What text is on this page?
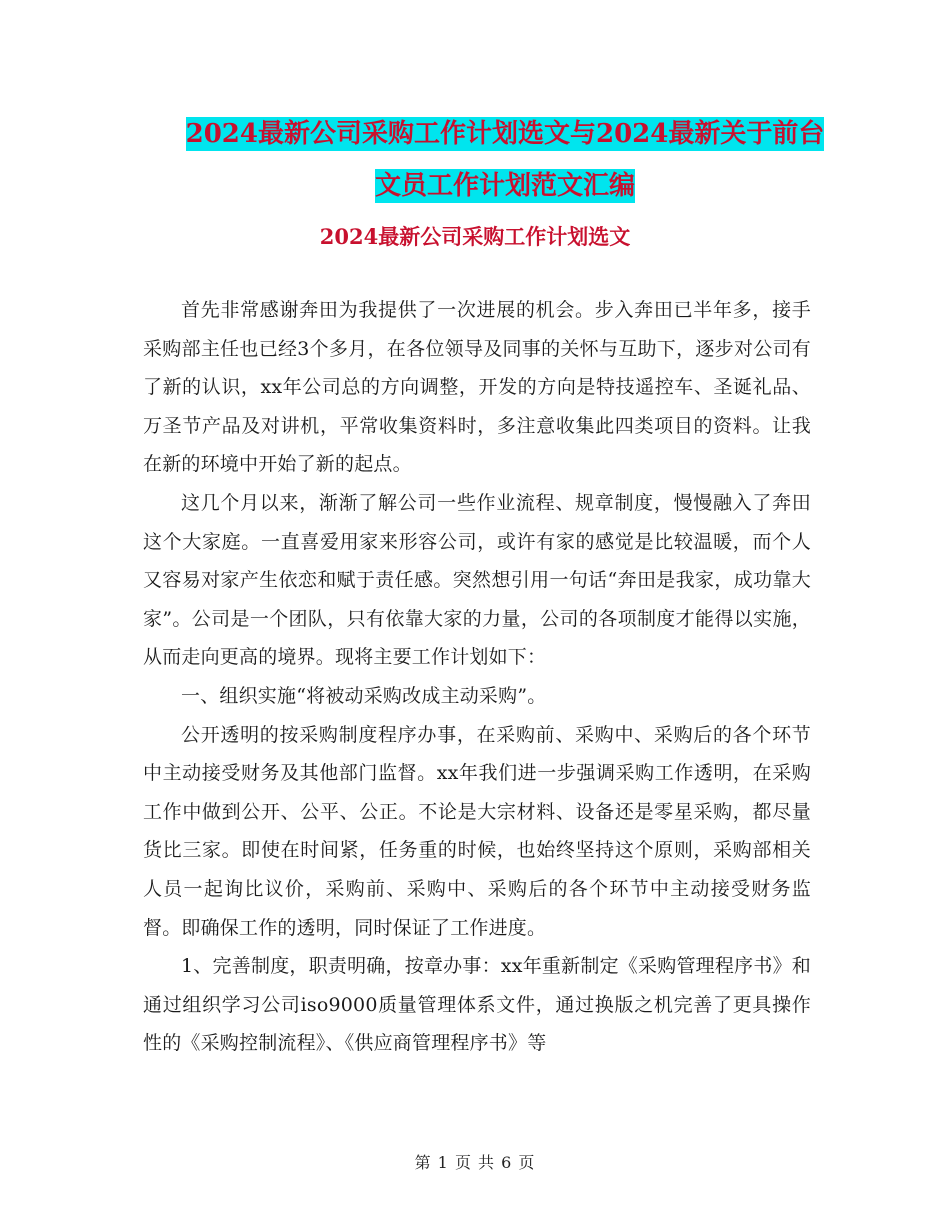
2024最新公司采购工作计划选文与2024最新关于前台
文员工作计划范文汇编
2024最新公司采购工作计划选文

首先非常感谢奔田为我提供了一次进展的机会。步入奔田已半年多，接手采购部主任也已经3个多月，在各位领导及同事的关怀与互助下，逐步对公司有了新的认识，xx年公司总的方向调整，开发的方向是特技遥控车、圣诞礼品、万圣节产品及对讲机，平常收集资料时，多注意收集此四类项目的资料。让我在新的环境中开始了新的起点。

这几个月以来，渐渐了解公司一些作业流程、规章制度，慢慢融入了奔田这个大家庭。一直喜爱用家来形容公司，或许有家的感觉是比较温暖，而个人又容易对家产生依恋和赋于责任感。突然想引用一句话“奔田是我家，成功靠大家”。公司是一个团队，只有依靠大家的力量，公司的各项制度才能得以实施，从而走向更高的境界。现将主要工作计划如下：

一、组织实施“将被动采购改成主动采购”。

公开透明的按采购制度程序办事，在采购前、采购中、采购后的各个环节中主动接受财务及其他部门监督。xx年我们进一步强调采购工作透明，在采购工作中做到公开、公平、公正。不论是大宗材料、设备还是零星采购，都尽量货比三家。即使在时间紧，任务重的时候，也始终坚持这个原则，采购部相关人员一起询比议价，采购前、采购中、采购后的各个环节中主动接受财务监督。即确保工作的透明，同时保证了工作进度。

1、完善制度，职责明确，按章办事：xx年重新制定《采购管理程序书》和通过组织学习公司iso9000质量管理体系文件，通过换版之机完善了更具操作性的《采购控制流程》、《供应商管理程序书》等

第 1 页 共 6 页
